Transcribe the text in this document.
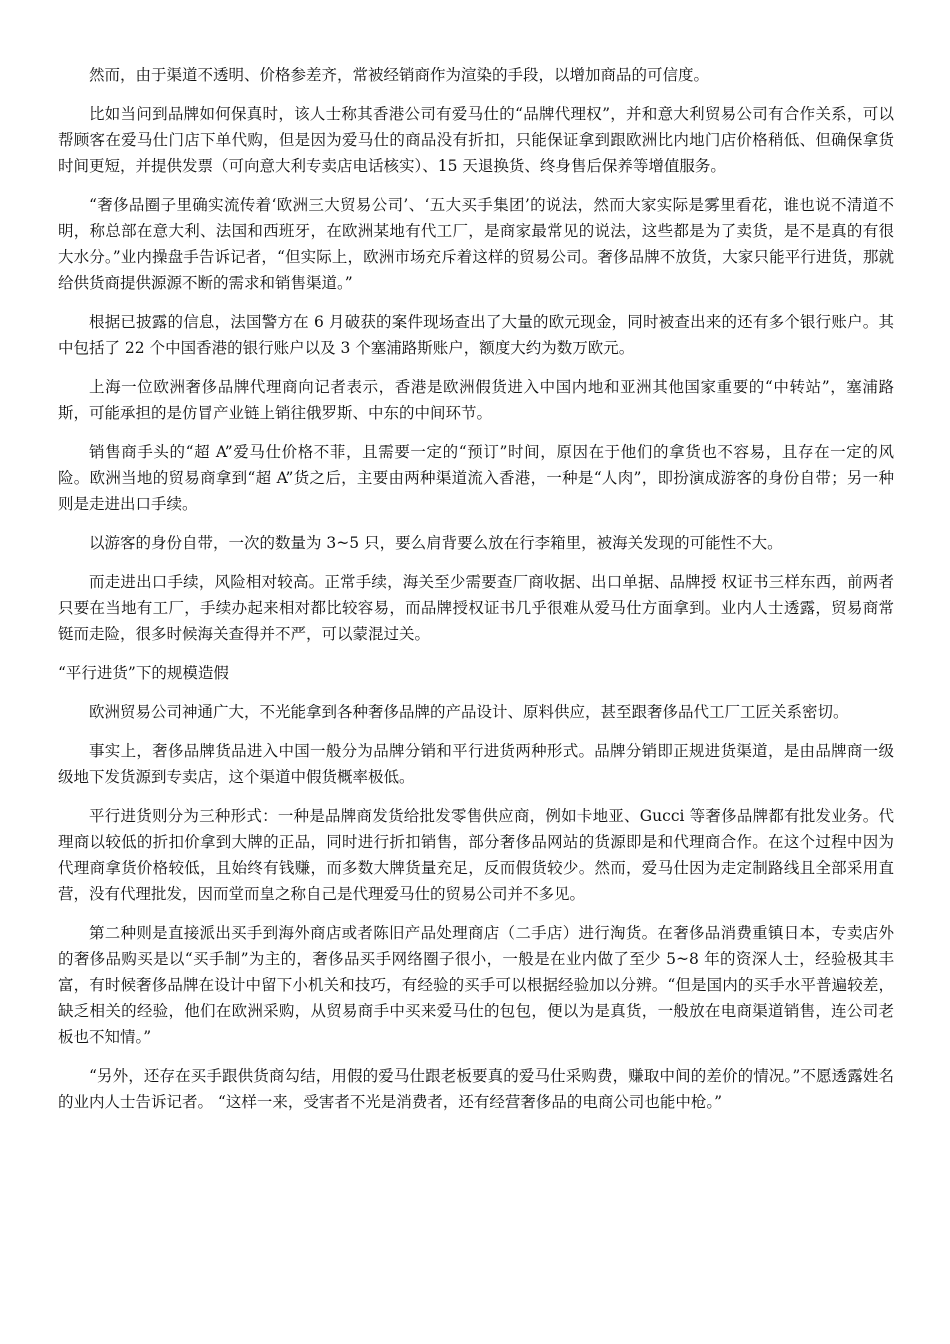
然而，由于渠道不透明、价格参差齐，常被经销商作为渲染的手段，以增加商品的可信度。

比如当问到品牌如何保真时，该人士称其香港公司有爱马仕的“品牌代理权”，并和意大利贸易公司有合作关系，可以帮顾客在爱马仕门店下单代购，但是因为爱马仕的商品没有折扣，只能保证拿到跟欧洲比内地门店价格稍低、但确保拿货时间更短，并提供发票（可向意大利专卖店电话核实）、15 天退换货、终身售后保养等增值服务。

“奢侈品圈子里确实流传着‘欧洲三大贸易公司’、‘五大买手集团’的说法，然而大家实际是雾里看花，谁也说不清道不明，称总部在意大利、法国和西班牙，在欧洲某地有代工厂，是商家最常见的说法，这些都是为了卖货，是不是真的有很大水分。”业内操盘手告诉记者，“但实际上，欧洲市场充斥着这样的贸易公司。奢侈品牌不放货，大家只能平行进货，那就给供货商提供源源不断的需求和销售渠道。”

根据已披露的信息，法国警方在 6 月破获的案件现场查出了大量的欧元现金，同时被查出来的还有多个银行账户。其中包括了 22 个中国香港的银行账户以及 3 个塞浦路斯账户，额度大约为数万欧元。

上海一位欧洲奢侈品牌代理商向记者表示，香港是欧洲假货进入中国内地和亚洲其他国家重要的“中转站”，塞浦路斯，可能承担的是仿冒产业链上销往俄罗斯、中东的中间环节。

销售商手头的“超 A”爱马仕价格不菲，且需要一定的“预订”时间，原因在于他们的拿货也不容易，且存在一定的风险。欧洲当地的贸易商拿到“超 A”货之后，主要由两种渠道流入香港，一种是“人肉”，即扮演成游客的身份自带；另一种则是走进出口手续。

以游客的身份自带，一次的数量为 3~5 只，要么肩背要么放在行李箱里，被海关发现的可能性不大。

而走进出口手续，风险相对较高。正常手续，海关至少需要查厂商收据、出口单据、品牌授 权证书三样东西，前两者只要在当地有工厂，手续办起来相对都比较容易，而品牌授权证书几乎很难从爱马仕方面拿到。业内人士透露，贸易商常铤而走险，很多时候海关查得并不严，可以蒙混过关。

“平行进货”下的规模造假

欧洲贸易公司神通广大，不光能拿到各种奢侈品牌的产品设计、原料供应，甚至跟奢侈品代工厂工匠关系密切。

事实上，奢侈品牌货品进入中国一般分为品牌分销和平行进货两种形式。品牌分销即正规进货渠道，是由品牌商一级级地下发货源到专卖店，这个渠道中假货概率极低。

平行进货则分为三种形式：一种是品牌商发货给批发零售供应商，例如卡地亚、Gucci 等奢侈品牌都有批发业务。代理商以较低的折扣价拿到大牌的正品，同时进行折扣销售，部分奢侈品网站的货源即是和代理商合作。在这个过程中因为代理商拿货价格较低，且始终有钱赚，而多数大牌货量充足，反而假货较少。然而，爱马仕因为走定制路线且全部采用直营，没有代理批发，因而堂而皇之称自己是代理爱马仕的贸易公司并不多见。

第二种则是直接派出买手到海外商店或者陈旧产品处理商店（二手店）进行淘货。在奢侈品消费重镇日本，专卖店外的奢侈品购买是以“买手制”为主的，奢侈品买手网络圈子很小，一般是在业内做了至少 5~8 年的资深人士，经验极其丰富，有时候奢侈品牌在设计中留下小机关和技巧，有经验的买手可以根据经验加以分辨。“但是国内的买手水平普遍较差，缺乏相关的经验，他们在欧洲采购，从贸易商手中买来爱马仕的包包，便以为是真货，一般放在电商渠道销售，连公司老板也不知情。”

“另外，还存在买手跟供货商勾结，用假的爱马仕跟老板要真的爱马仕采购费，赚取中间的差价的情况。”不愿透露姓名的业内人士告诉记者。 “这样一来，受害者不光是消费者，还有经营奢侈品的电商公司也能中枪。”
